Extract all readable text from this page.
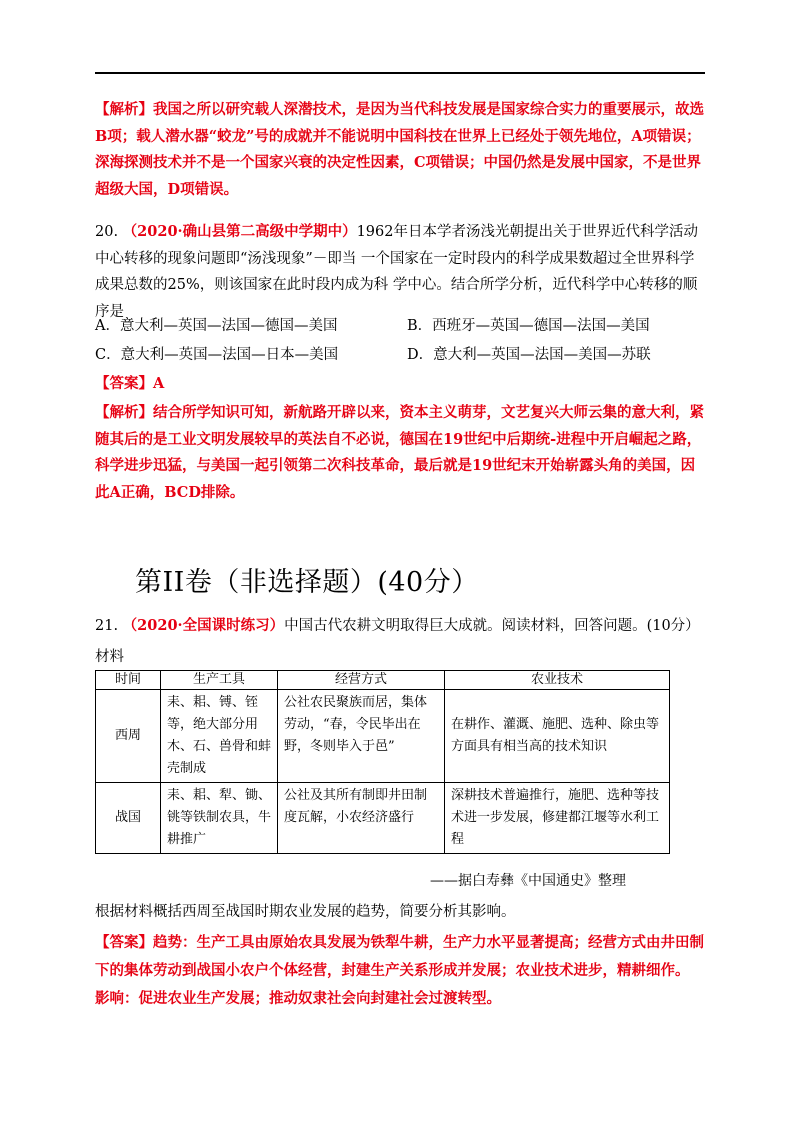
【解析】我国之所以研究载人深潜技术，是因为当代科技发展是国家综合实力的重要展示，故选B项；载人潜水器“蛟龙”号的成就并不能说明中国科技在世界上已经处于领先地位，A项错误；深海探测技术并不是一个国家兴衰的决定性因素，C项错误；中国仍然是发展中国家，不是世界超级大国，D项错误。
20. （2020·确山县第二高级中学期中）1962年日本学者汤浅光朝提出关于世界近代科学活动中心转移的现象问题即“汤浅现象”－即当 一个国家在一定时段内的科学成果数超过全世界科学成果总数的25%，则该国家在此时段内成为科 学中心。结合所学分析，近代科学中心转移的顺序是
A．意大利—英国—法国—德国—美国	B．西班牙—英国—德国—法国—美国
C．意大利—英国—法国—日本—美国	D．意大利—英国—法国—美国—苏联
【答案】A
【解析】结合所学知识可知，新航路开辟以来，资本主义萌芽，文艺复兴大师云集的意大利，紧随其后的是工业文明发展较早的英法自不必说，德国在19世纪中后期统-进程中开启崛起之路，科学进步迅猛，与美国一起引领第二次科技革命，最后就是19世纪末开始崭露头角的美国，因此A正确，BCD排除。
第II卷（非选择题）(40分）
21. （2020·全国课时练习）中国古代农耕文明取得巨大成就。阅读材料，回答问题。(10分）
材料
时间	生产工具	经营方式	农业技术
西周	耒、耜、镈、铚等，绝大部分用木、石、兽骨和蚌壳制成	公社农民聚族而居，集体劳动，“春，令民毕出在野，冬则毕入于邑”	在耕作、灌溉、施肥、选种、除虫等方面具有相当高的技术知识
战国	耒、耜、犁、锄、铫等铁制农具，牛耕推广	公社及其所有制即井田制度瓦解，小农经济盛行	深耕技术普遍推行，施肥、选种等技术进一步发展，修建都江堰等水利工程
——据白寿彝《中国通史》整理
根据材料概括西周至战国时期农业发展的趋势，简要分析其影响。
【答案】趋势：生产工具由原始农具发展为铁犁牛耕，生产力水平显著提高；经营方式由井田制下的集体劳动到战国小农户个体经营，封建生产关系形成并发展；农业技术进步，精耕细作。
影响：促进农业生产发展；推动奴隶社会向封建社会过渡转型。
